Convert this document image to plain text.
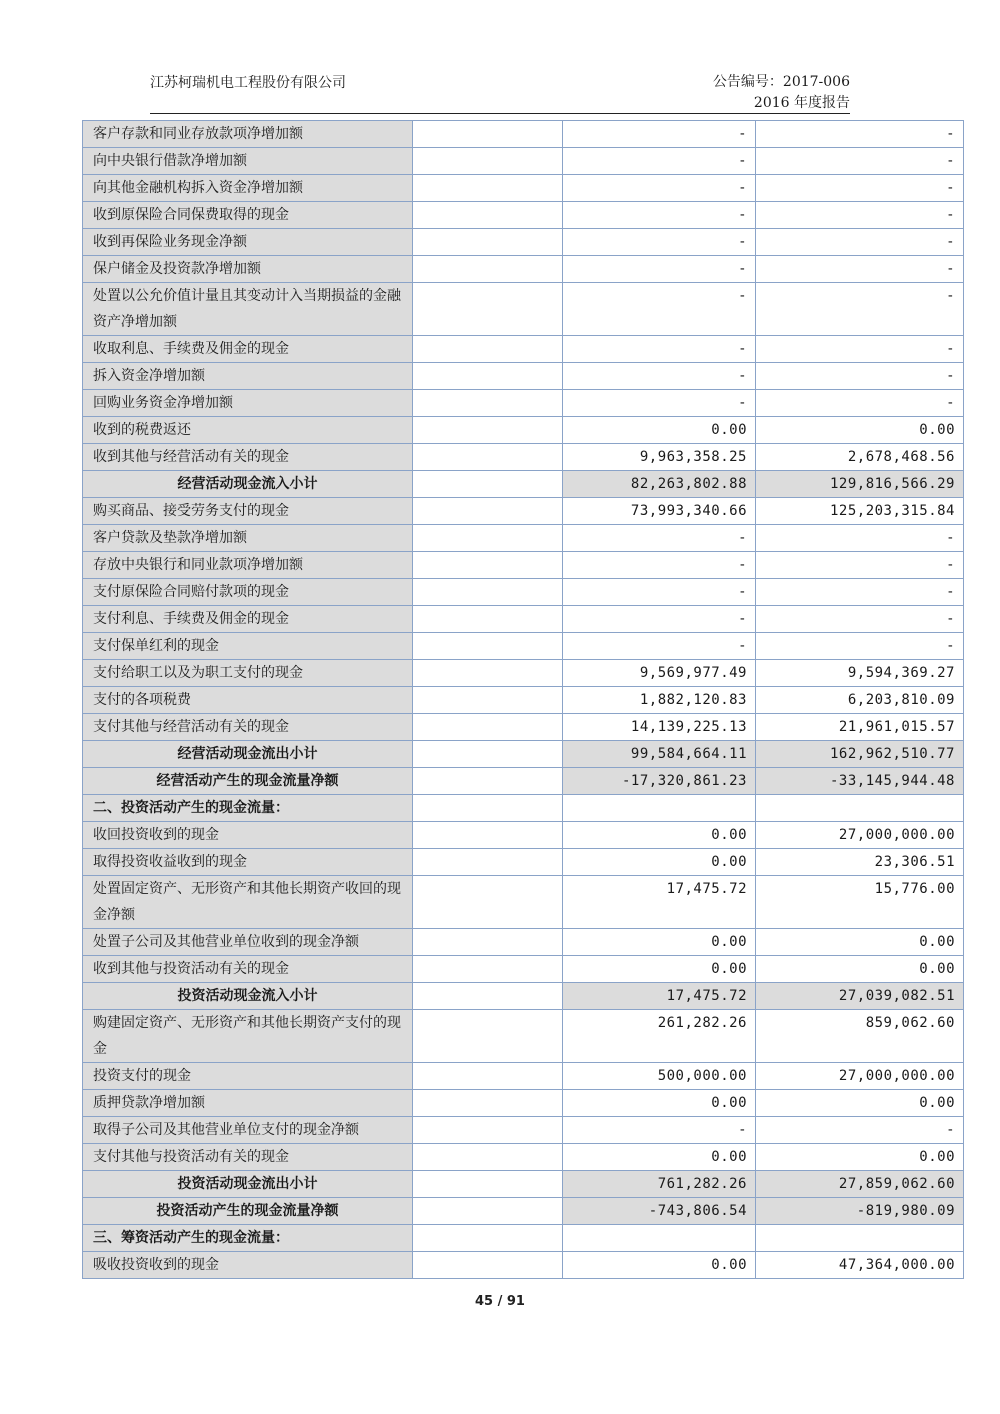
江苏柯瑞机电工程股份有限公司	公告编号：2017-006
2016 年度报告
客户存款和同业存放款项净增加额		-	-
向中央银行借款净增加额		-	-
向其他金融机构拆入资金净增加额		-	-
收到原保险合同保费取得的现金		-	-
收到再保险业务现金净额		-	-
保户储金及投资款净增加额		-	-
处置以公允价值计量且其变动计入当期损益的金融资产净增加额		-	-
收取利息、手续费及佣金的现金		-	-
拆入资金净增加额		-	-
回购业务资金净增加额		-	-
收到的税费返还		0.00	0.00
收到其他与经营活动有关的现金		9,963,358.25	2,678,468.56
经营活动现金流入小计		82,263,802.88	129,816,566.29
购买商品、接受劳务支付的现金		73,993,340.66	125,203,315.84
客户贷款及垫款净增加额		-	-
存放中央银行和同业款项净增加额		-	-
支付原保险合同赔付款项的现金		-	-
支付利息、手续费及佣金的现金		-	-
支付保单红利的现金		-	-
支付给职工以及为职工支付的现金		9,569,977.49	9,594,369.27
支付的各项税费		1,882,120.83	6,203,810.09
支付其他与经营活动有关的现金		14,139,225.13	21,961,015.57
经营活动现金流出小计		99,584,664.11	162,962,510.77
经营活动产生的现金流量净额		-17,320,861.23	-33,145,944.48
二、投资活动产生的现金流量：			
收回投资收到的现金		0.00	27,000,000.00
取得投资收益收到的现金		0.00	23,306.51
处置固定资产、无形资产和其他长期资产收回的现金净额		17,475.72	15,776.00
处置子公司及其他营业单位收到的现金净额		0.00	0.00
收到其他与投资活动有关的现金		0.00	0.00
投资活动现金流入小计		17,475.72	27,039,082.51
购建固定资产、无形资产和其他长期资产支付的现金		261,282.26	859,062.60
投资支付的现金		500,000.00	27,000,000.00
质押贷款净增加额		0.00	0.00
取得子公司及其他营业单位支付的现金净额		-	-
支付其他与投资活动有关的现金		0.00	0.00
投资活动现金流出小计		761,282.26	27,859,062.60
投资活动产生的现金流量净额		-743,806.54	-819,980.09
三、筹资活动产生的现金流量：			
吸收投资收到的现金		0.00	47,364,000.00
45 / 91
